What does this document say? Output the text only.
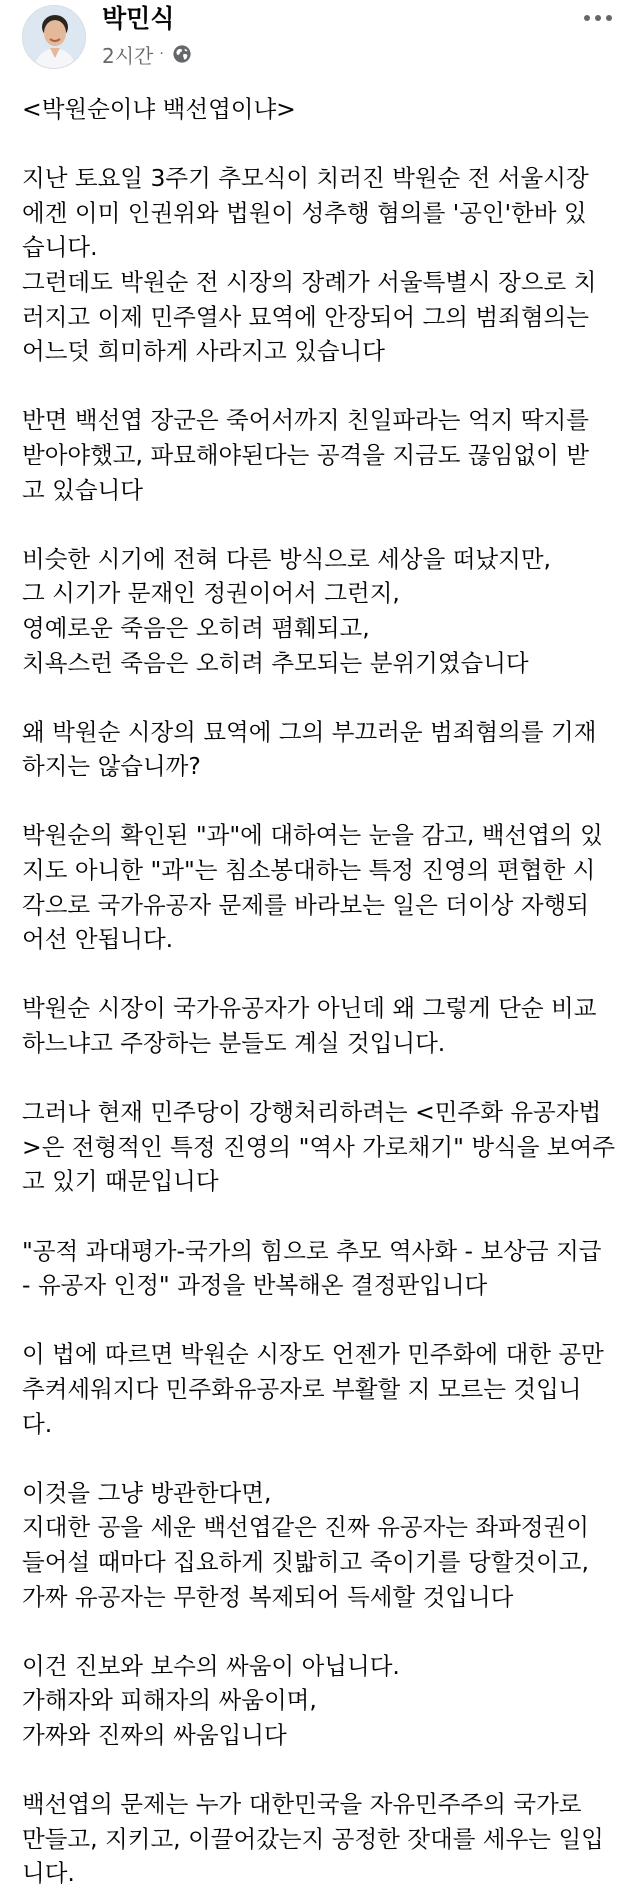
박민식
2시간 ·
<박원순이냐 백선엽이냐>
지난 토요일 3주기 추모식이 치러진 박원순 전 서울시장
에겐 이미 인권위와 법원이 성추행 혐의를 '공인'한바 있
습니다.
그런데도 박원순 전 시장의 장례가 서울특별시 장으로 치
러지고 이제 민주열사 묘역에 안장되어 그의 범죄혐의는
어느덧 희미하게 사라지고 있습니다
반면 백선엽 장군은 죽어서까지 친일파라는 억지 딱지를
받아야했고, 파묘해야된다는 공격을 지금도 끊임없이 받
고 있습니다
비슷한 시기에 전혀 다른 방식으로 세상을 떠났지만,
그 시기가 문재인 정권이어서 그런지,
영예로운 죽음은 오히려 폄훼되고,
치욕스런 죽음은 오히려 추모되는 분위기였습니다
왜 박원순 시장의 묘역에 그의 부끄러운 범죄혐의를 기재
하지는 않습니까?
박원순의 확인된 "과"에 대하여는 눈을 감고, 백선엽의 있
지도 아니한 "과"는 침소봉대하는 특정 진영의 편협한 시
각으로 국가유공자 문제를 바라보는 일은 더이상 자행되
어선 안됩니다.
박원순 시장이 국가유공자가 아닌데 왜 그렇게 단순 비교
하느냐고 주장하는 분들도 계실 것입니다.
그러나 현재 민주당이 강행처리하려는 <민주화 유공자법
>은 전형적인 특정 진영의 "역사 가로채기" 방식을 보여주
고 있기 때문입니다
"공적 과대평가-국가의 힘으로 추모 역사화 - 보상금 지급
- 유공자 인정" 과정을 반복해온 결정판입니다
이 법에 따르면 박원순 시장도 언젠가 민주화에 대한 공만
추켜세워지다 민주화유공자로 부활할 지 모르는 것입니
다.
이것을 그냥 방관한다면,
지대한 공을 세운 백선엽같은 진짜 유공자는 좌파정권이
들어설 때마다 집요하게 짓밟히고 죽이기를 당할것이고,
가짜 유공자는 무한정 복제되어 득세할 것입니다
이건 진보와 보수의 싸움이 아닙니다.
가해자와 피해자의 싸움이며,
가짜와 진짜의 싸움입니다
백선엽의 문제는 누가 대한민국을 자유민주주의 국가로
만들고, 지키고, 이끌어갔는지 공정한 잣대를 세우는 일입
니다.
